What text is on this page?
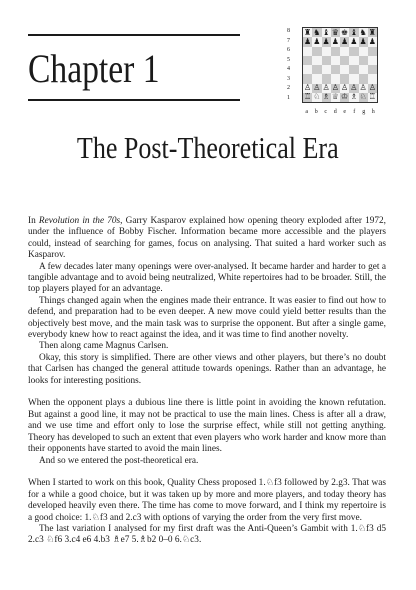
Chapter 1
8
7
6
5
4
3
2
1
♜ ♞ ♝ ♛ ♚ ♝ ♞ ♜
♟ ♟ ♟ ♟ ♟ ♟ ♟ ♟
♙ ♙ ♙ ♙ ♙ ♙ ♙ ♙
♖ ♘ ♗ ♕ ♔ ♗ ♘ ♖
a	b	c	d	e	f	g	h
The Post-Theoretical Era

In Revolution in the 70s, Garry Kasparov explained how opening theory exploded after 1972, under the influence of Bobby Fischer. Information became more accessible and the players could, instead of searching for games, focus on analysing. That suited a hard worker such as Kasparov.

A few decades later many openings were over-analysed. It became harder and harder to get a tangible advantage and to avoid being neutralized, White repertoires had to be broader. Still, the top players played for an advantage.

Things changed again when the engines made their entrance. It was easier to find out how to defend, and preparation had to be even deeper. A new move could yield better results than the objectively best move, and the main task was to surprise the opponent. But after a single game, everybody knew how to react against the idea, and it was time to find another novelty.

Then along came Magnus Carlsen.

Okay, this story is simplified. There are other views and other players, but there’s no doubt that Carlsen has changed the general attitude towards openings. Rather than an advantage, he looks for interesting positions.

When the opponent plays a dubious line there is little point in avoiding the known refutation. But against a good line, it may not be practical to use the main lines. Chess is after all a draw, and we use time and effort only to lose the surprise effect, while still not getting anything. Theory has developed to such an extent that even players who work harder and know more than their opponents have started to avoid the main lines.

And so we entered the post-theoretical era.

When I started to work on this book, Quality Chess proposed 1.♘f3 followed by 2.g3. That was for a while a good choice, but it was taken up by more and more players, and today theory has developed heavily even there. The time has come to move forward, and I think my repertoire is a good choice: 1.♘f3 and 2.c3 with options of varying the order from the very first move.

The last variation I analysed for my first draft was the Anti-Queen’s Gambit with 1.♘f3 d5 2.c3 ♘f6 3.c4 e6 4.b3 ♗e7 5.♗b2 0–0 6.♘c3.
